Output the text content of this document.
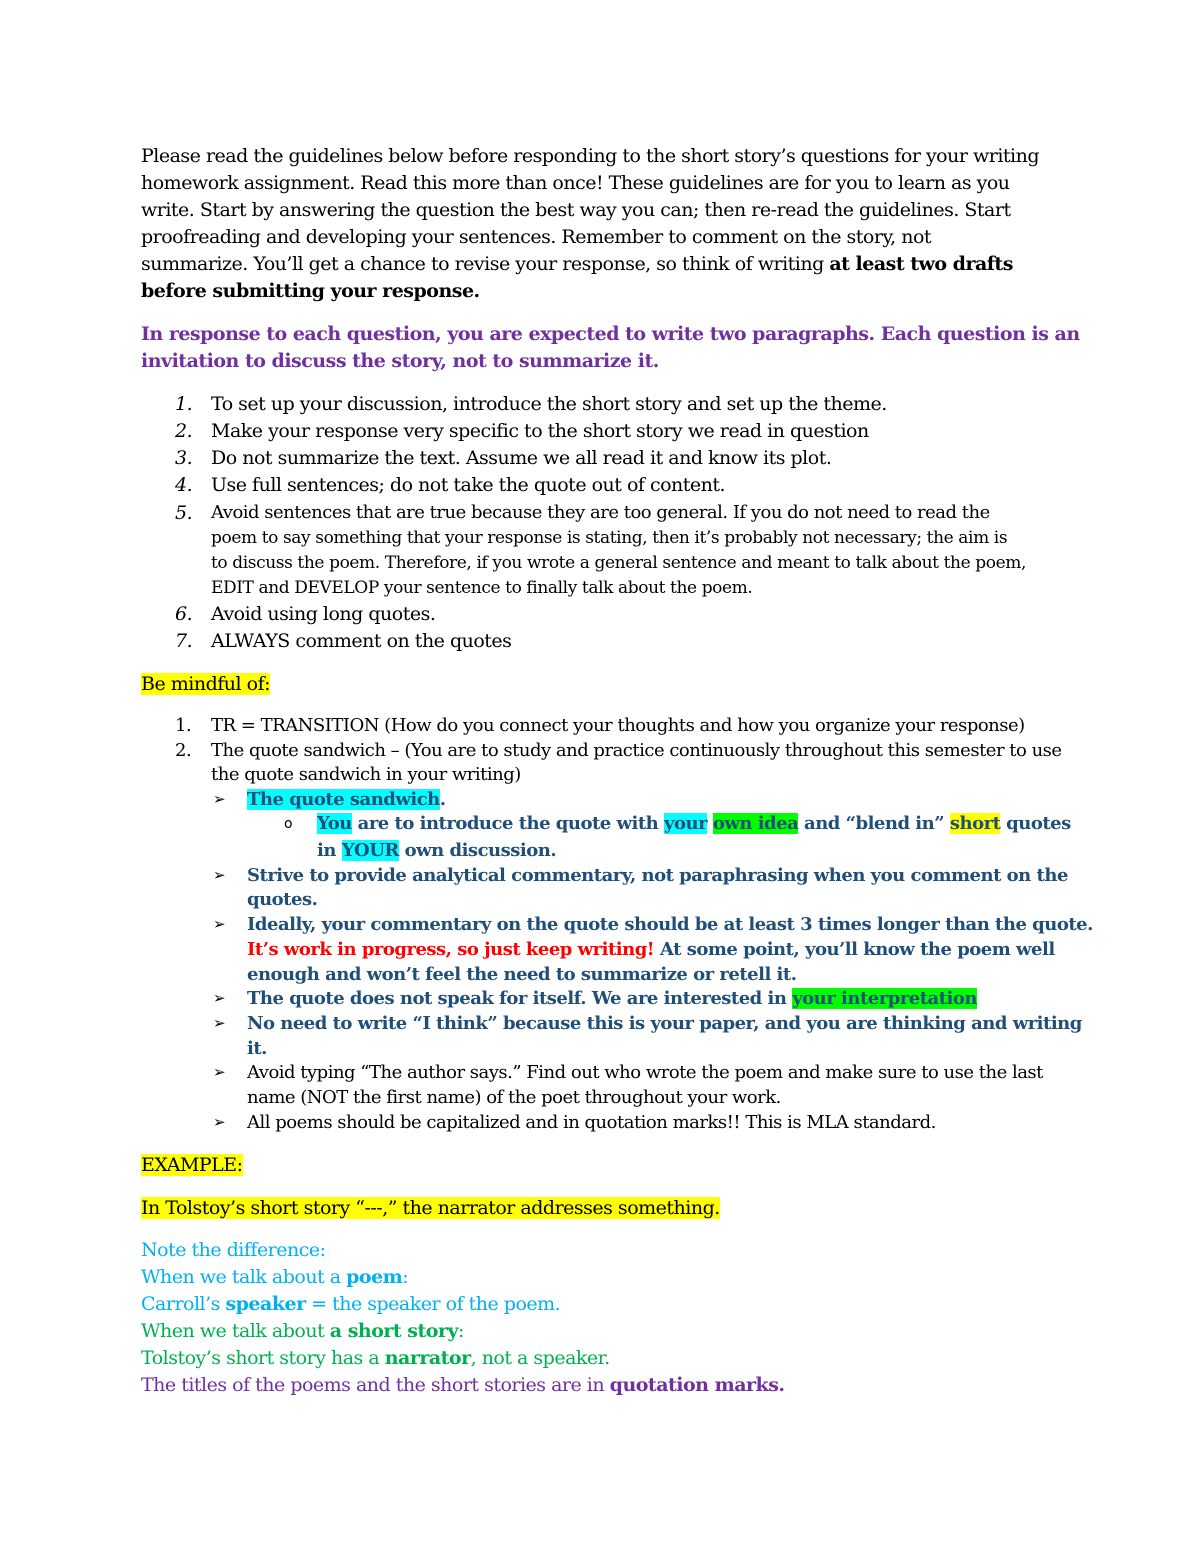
Please read the guidelines below before responding to the short story’s questions for your writing
homework assignment. Read this more than once! These guidelines are for you to learn as you
write. Start by answering the question the best way you can; then re-read the guidelines. Start
proofreading and developing your sentences. Remember to comment on the story, not
summarize. You’ll get a chance to revise your response, so think of writing at least two drafts
before submitting your response.
In response to each question, you are expected to write two paragraphs. Each question is an
invitation to discuss the story, not to summarize it.
1. To set up your discussion, introduce the short story and set up the theme.
2. Make your response very specific to the short story we read in question
3. Do not summarize the text. Assume we all read it and know its plot.
4. Use full sentences; do not take the quote out of content.
5. Avoid sentences that are true because they are too general. If you do not need to read the
poem to say something that your response is stating, then it’s probably not necessary; the aim is
to discuss the poem. Therefore, if you wrote a general sentence and meant to talk about the poem,
EDIT and DEVELOP your sentence to finally talk about the poem.
6. Avoid using long quotes.
7. ALWAYS comment on the quotes
Be mindful of:
1. TR = TRANSITION (How do you connect your thoughts and how you organize your response)
2. The quote sandwich – (You are to study and practice continuously throughout this semester to use
the quote sandwich in your writing)
➢ The quote sandwich.
o You are to introduce the quote with your own idea and “blend in” short quotes
in YOUR own discussion.
➢ Strive to provide analytical commentary, not paraphrasing when you comment on the
quotes.
➢ Ideally, your commentary on the quote should be at least 3 times longer than the quote.
It’s work in progress, so just keep writing! At some point, you’ll know the poem well
enough and won’t feel the need to summarize or retell it.
➢ The quote does not speak for itself. We are interested in your interpretation
➢ No need to write “I think” because this is your paper, and you are thinking and writing
it.
➢ Avoid typing “The author says.” Find out who wrote the poem and make sure to use the last
name (NOT the first name) of the poet throughout your work.
➢ All poems should be capitalized and in quotation marks!! This is MLA standard.
EXAMPLE:
In Tolstoy’s short story “---,” the narrator addresses something.
Note the difference:
When we talk about a poem:
Carroll’s speaker = the speaker of the poem.
When we talk about a short story:
Tolstoy’s short story has a narrator, not a speaker.
The titles of the poems and the short stories are in quotation marks.
